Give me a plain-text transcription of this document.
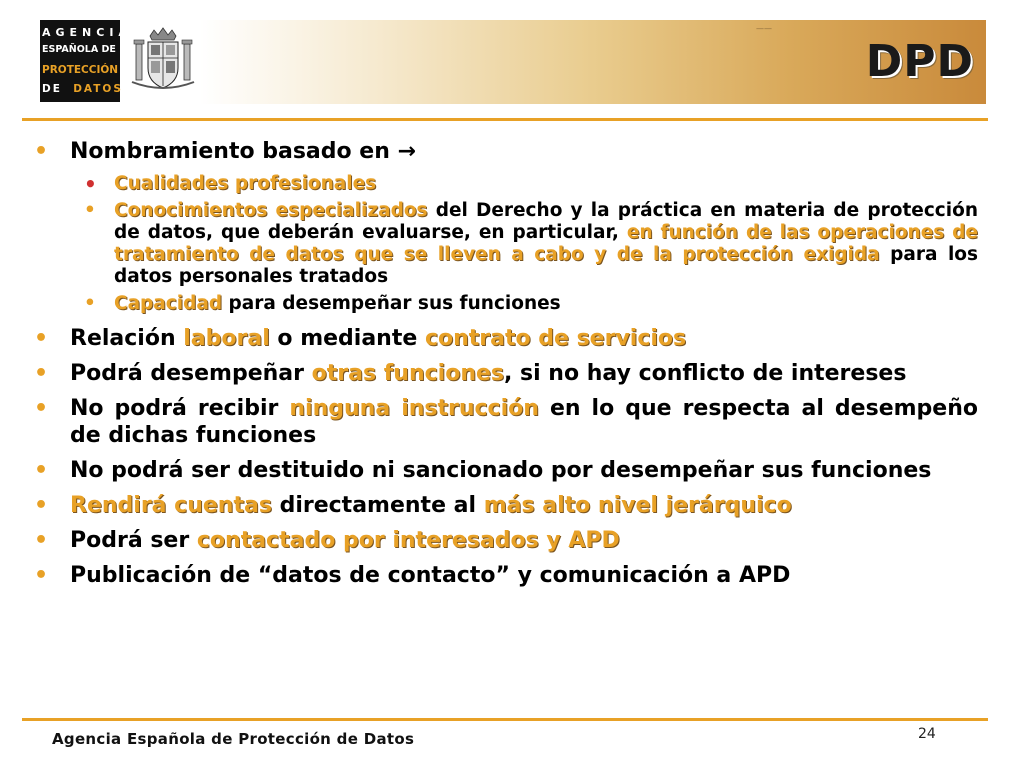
AGENCIA
ESPAÑOLA DE
PROTECCIÓN
DE DATOS
——
DPD
• Nombramiento basado en →
• Cualidades profesionales
• Conocimientos especializados del Derecho y la práctica en materia de protección de datos, que deberán evaluarse, en particular, en función de las operaciones de tratamiento de datos que se lleven a cabo y de la protección exigida para los datos personales tratados
• Capacidad para desempeñar sus funciones
• Relación laboral o mediante contrato de servicios
• Podrá desempeñar otras funciones, si no hay conflicto de intereses
• No podrá recibir ninguna instrucción en lo que respecta al desempeño de dichas funciones
• No podrá ser destituido ni sancionado por desempeñar sus funciones
• Rendirá cuentas directamente al más alto nivel jerárquico
• Podrá ser contactado por interesados y APD
• Publicación de “datos de contacto” y comunicación a APD
Agencia Española de Protección de Datos	24
